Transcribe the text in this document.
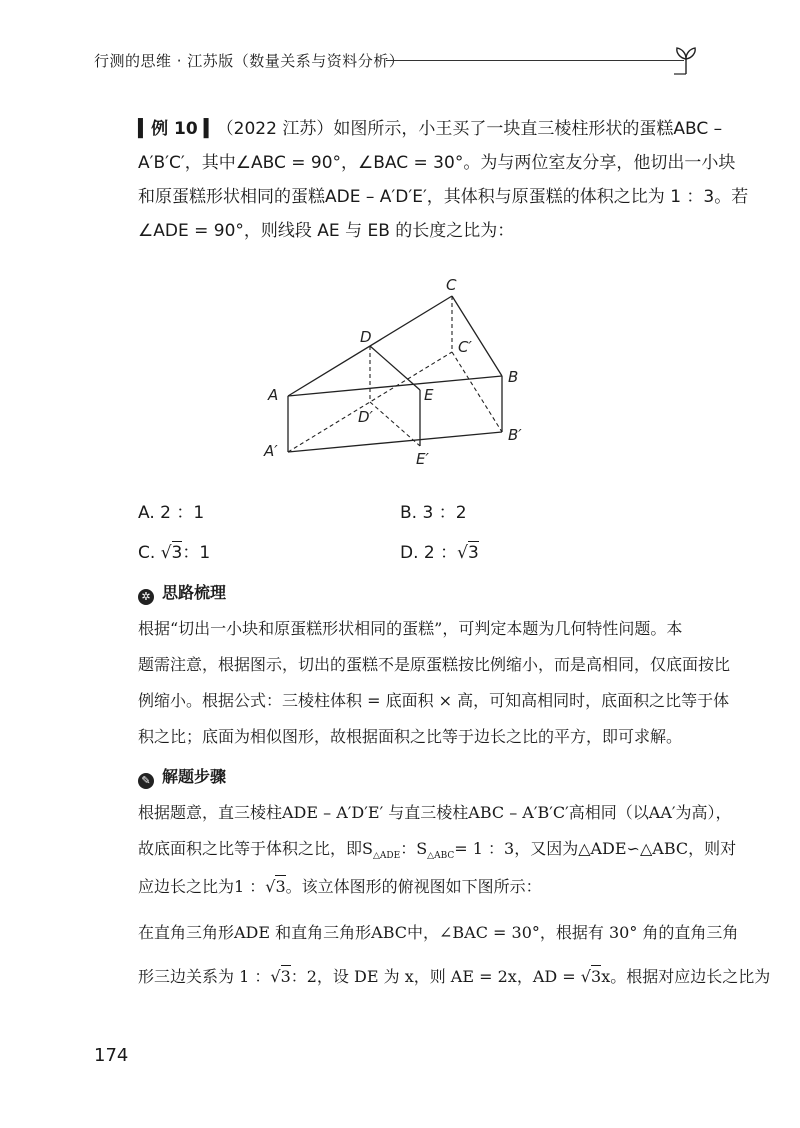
行测的思维 · 江苏版（数量关系与资料分析）
▍例 10 ▍（2022 江苏）如图所示，小王买了一块直三棱柱形状的蛋糕ABC –
A′B′C′，其中∠ABC = 90°，∠BAC = 30°。为与两位室友分享，他切出一小块
和原蛋糕形状相同的蛋糕ADE – A′D′E′，其体积与原蛋糕的体积之比为 1 ：3。若
∠ADE = 90°，则线段 AE 与 EB 的长度之比为：
C
D
C′
A
B
E
D′
B′
A′	E′
A. 2 ：1	B. 3 ：2
C. √3：1	D. 2 ：√3
✲ 思路梳理
根据“切出一小块和原蛋糕形状相同的蛋糕”，可判定本题为几何特性问题。本
题需注意，根据图示，切出的蛋糕不是原蛋糕按比例缩小，而是高相同，仅底面按比
例缩小。根据公式：三棱柱体积 = 底面积 × 高，可知高相同时，底面积之比等于体
积之比；底面为相似图形，故根据面积之比等于边长之比的平方，即可求解。
✎ 解题步骤
根据题意，直三棱柱ADE – A′D′E′ 与直三棱柱ABC – A′B′C′高相同（以AA′为高），
故底面积之比等于体积之比，即$S_{\triangle ADE}$：$S_{\triangle ABC}= 1$ ：3，又因为△ADE∽△ABC，则对
应边长之比为1 ：√3。该立体图形的俯视图如下图所示：
在直角三角形ADE 和直角三角形ABC中，∠BAC = 30°，根据有 30° 角的直角三角
形三边关系为 1 ：√3：2，设 DE 为 x，则 AE = 2x，AD = √3x。根据对应边长之比为
174
